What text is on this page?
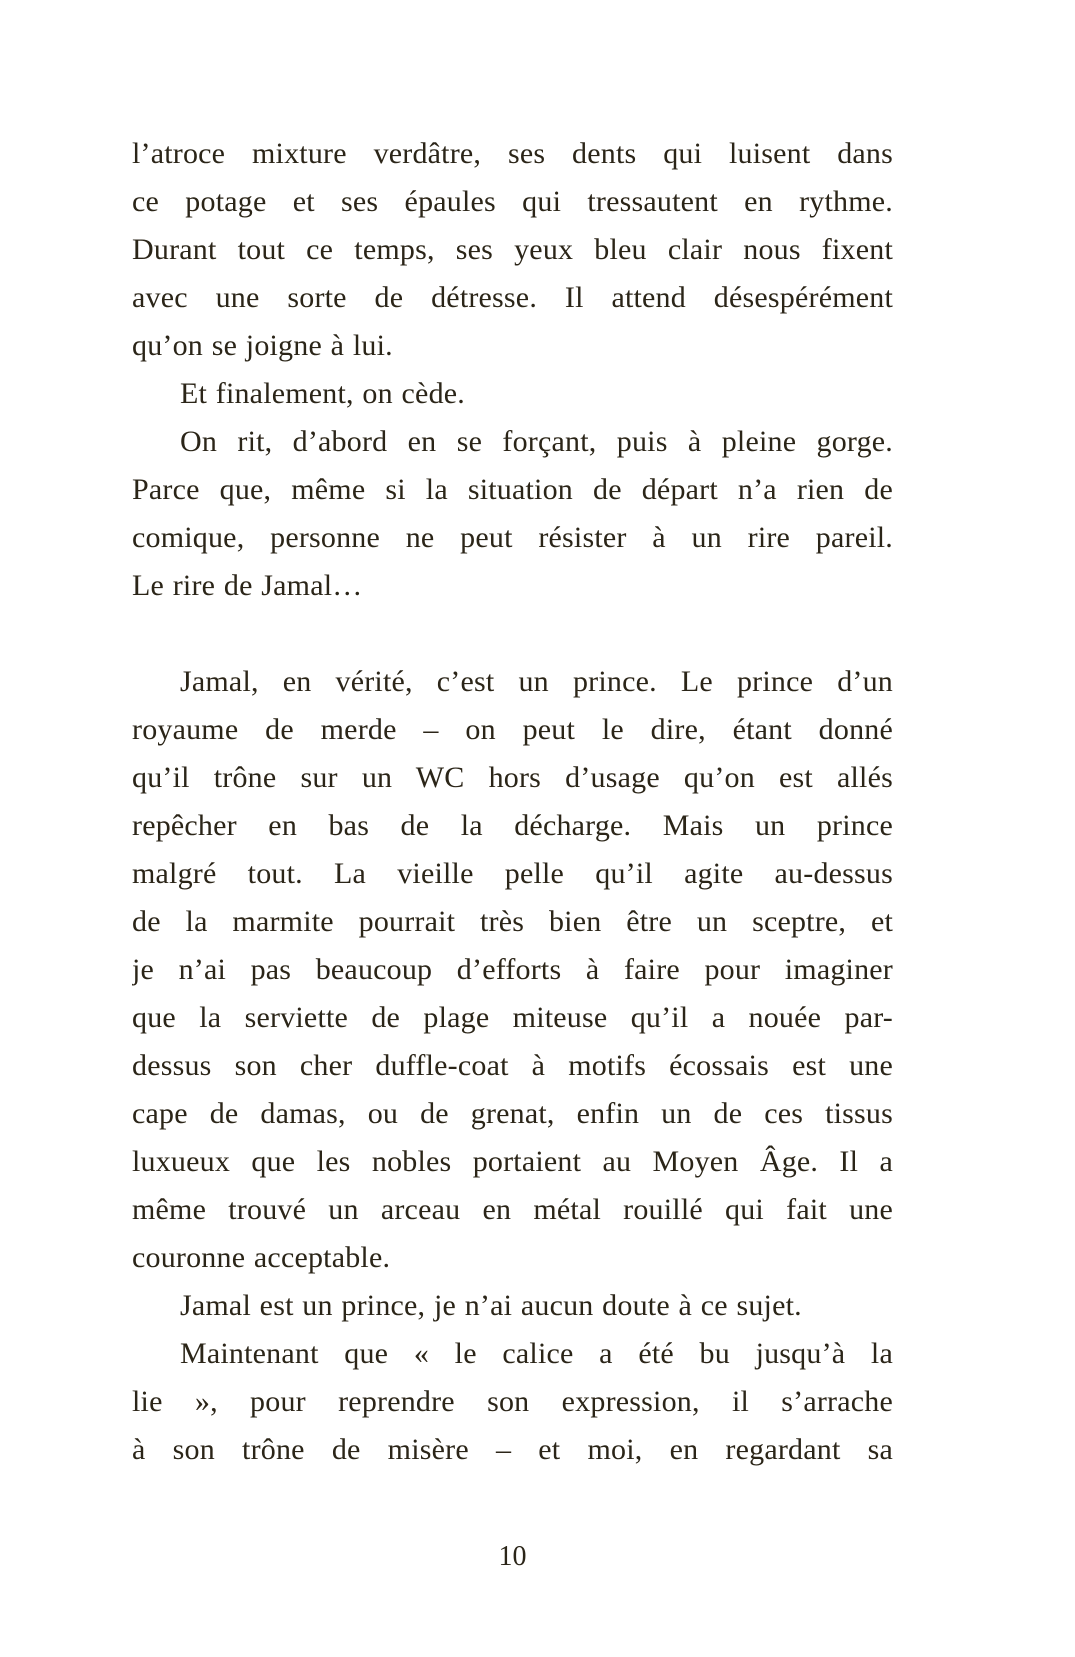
l’atroce mixture verdâtre, ses dents qui luisent dans
ce potage et ses épaules qui tressautent en rythme.
Durant tout ce temps, ses yeux bleu clair nous fixent
avec une sorte de détresse. Il attend désespérément
qu’on se joigne à lui.
Et finalement, on cède.
On rit, d’abord en se forçant, puis à pleine gorge.
Parce que, même si la situation de départ n’a rien de
comique, personne ne peut résister à un rire pareil.
Le rire de Jamal…
Jamal, en vérité, c’est un prince. Le prince d’un
royaume de merde – on peut le dire, étant donné
qu’il trône sur un WC hors d’usage qu’on est allés
repêcher en bas de la décharge. Mais un prince
malgré tout. La vieille pelle qu’il agite au-dessus
de la marmite pourrait très bien être un sceptre, et
je n’ai pas beaucoup d’efforts à faire pour imaginer
que la serviette de plage miteuse qu’il a nouée par-
dessus son cher duffle-coat à motifs écossais est une
cape de damas, ou de grenat, enfin un de ces tissus
luxueux que les nobles portaient au Moyen Âge. Il a
même trouvé un arceau en métal rouillé qui fait une
couronne acceptable.
Jamal est un prince, je n’ai aucun doute à ce sujet.
Maintenant que « le calice a été bu jusqu’à la
lie », pour reprendre son expression, il s’arrache
à son trône de misère – et moi, en regardant sa
10
